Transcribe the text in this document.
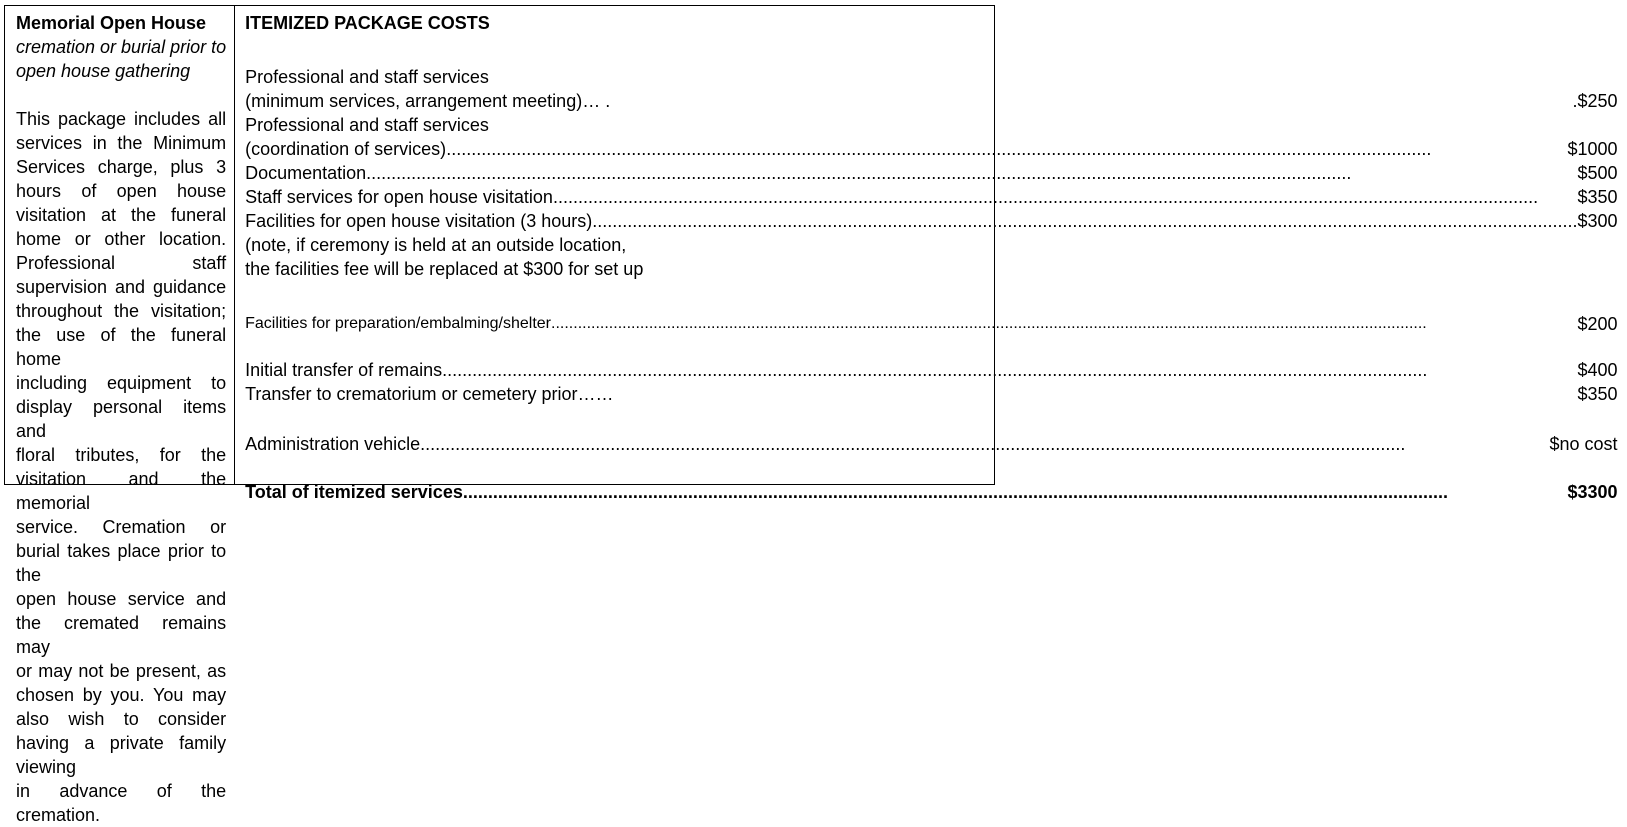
Memorial Open House
cremation or burial prior to
open house gathering
This package includes all services in the Minimum
Services charge, plus 3 hours of open house
visitation at the funeral home or other location.
Professional staff supervision and guidance
throughout the visitation; the use of the funeral home
including equipment to display personal items and
floral tributes, for the visitation and the memorial
service. Cremation or burial takes place prior to the
open house service and the cremated remains may
or may not be present, as chosen by you. You may
also wish to consider having a private family viewing
in advance of the cremation.
ITEMIZED PACKAGE COSTS
Professional and staff services
(minimum services, arrangement meeting)… .	.$250
Professional and staff services
(coordination of services) .....	$1000
Documentation .....	$500
Staff services for open house visitation .....	$350
Facilities for open house visitation (3 hours) .....	$300
(note, if ceremony is held at an outside location,
the facilities fee will be replaced at $300 for set up
Facilities for preparation/embalming/shelter .....	$200
Initial transfer of remains .....	$400
Transfer to crematorium or cemetery prior……	$350
Administration vehicle .....	$no cost
Total of itemized services .....	$3300
